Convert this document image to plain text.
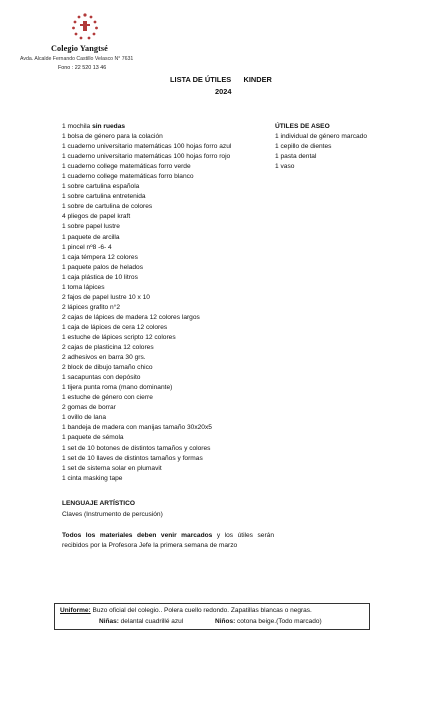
Colegio Yangtsé
Avda. Alcalde Fernando Castillo Velasco N° 7631
Fono : 22 520 13 46
LISTA DE ÚTILES      KINDER
2024
1 mochila sin ruedas
1 bolsa de género para la colación
1 cuaderno universitario matemáticas 100 hojas forro azul
1 cuaderno universitario matemáticas 100 hojas forro rojo
1 cuaderno college matemáticas forro verde
1 cuaderno college matemáticas forro blanco
1 sobre cartulina española
1 sobre cartulina entretenida
1 sobre de cartulina de colores
4 pliegos de papel kraft
1 sobre papel lustre
1 paquete de arcilla
1 pincel nº8 -6- 4
1 caja témpera 12 colores
1 paquete palos de helados
1 caja plástica de 10 litros
1 toma lápices
2 fajos de papel lustre 10 x 10
2 lápices grafito n°2
2 cajas de lápices de madera 12 colores largos
1 caja de lápices de cera 12 colores
1 estuche de lápices scripto 12 colores
2 cajas de plasticina 12 colores
2 adhesivos en barra 30 grs.
2 block de dibujo tamaño chico
1 sacapuntas con depósito
1 tijera punta roma (mano dominante)
1 estuche de género con cierre
2 gomas de borrar
1 ovillo de lana
1 bandeja de madera con manijas tamaño 30x20x5
1 paquete de sémola
1 set de 10 botones de distintos tamaños y colores
1 set de 10 llaves de distintos tamaños y formas
1 set de sistema solar en plumavit
1 cinta masking tape
ÚTILES DE ASEO
1 individual de género marcado
1 cepillo de dientes
1 pasta dental
1 vaso
LENGUAJE ARTÍSTICO
Claves (Instrumento de percusión)
Todos los materiales deben venir marcados y los útiles serán recibidos por la Profesora Jefe la primera semana de marzo
Uniforme: Buzo oficial del colegio.. Polera cuello redondo. Zapatillas blancas o negras.
Niñas: delantal cuadrillé azul	Niños: cotona beige.(Todo marcado)
